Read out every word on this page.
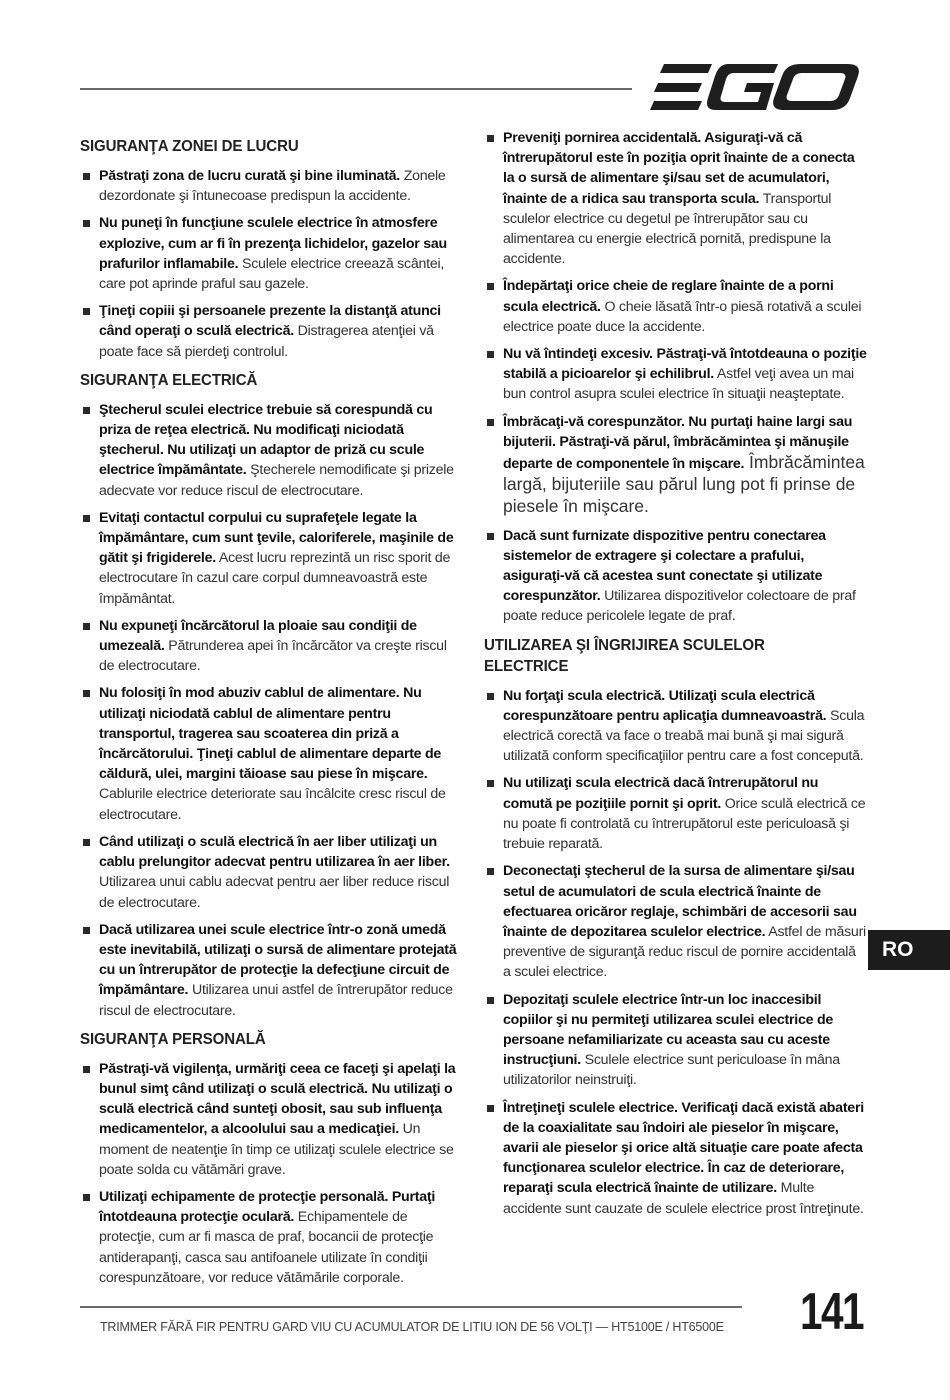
SIGURANŢA ZONEI DE LUCRU
Păstraţi zona de lucru curată şi bine iluminată. Zonele dezordonate şi întunecoase predispun la accidente.
Nu puneţi în funcţiune sculele electrice în atmosfere explozive, cum ar fi în prezenţa lichidelor, gazelor sau prafurilor inflamabile. Sculele electrice creează scântei, care pot aprinde praful sau gazele.
Ţineţi copiii şi persoanele prezente la distanţă atunci când operaţi o sculă electrică. Distragerea atenţiei vă poate face să pierdeţi controlul.
SIGURANŢA ELECTRICĂ
Ştecherul sculei electrice trebuie să corespundă cu priza de reţea electrică. Nu modificaţi niciodată ştecherul. Nu utilizaţi un adaptor de priză cu scule electrice împământate. Ştecherele nemodificate şi prizele adecvate vor reduce riscul de electrocutare.
Evitaţi contactul corpului cu suprafeţele legate la împământare, cum sunt ţevile, caloriferele, maşinile de gătit şi frigiderele. Acest lucru reprezintă un risc sporit de electrocutare în cazul care corpul dumneavoastră este împământat.
Nu expuneţi încărcătorul la ploaie sau condiţii de umezeală. Pătrunderea apei în încărcător va creşte riscul de electrocutare.
Nu folosiţi în mod abuziv cablul de alimentare. Nu utilizaţi niciodată cablul de alimentare pentru transportul, tragerea sau scoaterea din priză a încărcătorului. Ţineţi cablul de alimentare departe de căldură, ulei, margini tăioase sau piese în mişcare. Cablurile electrice deteriorate sau încâlcite cresc riscul de electrocutare.
Când utilizaţi o sculă electrică în aer liber utilizaţi un cablu prelungitor adecvat pentru utilizarea în aer liber. Utilizarea unui cablu adecvat pentru aer liber reduce riscul de electrocutare.
Dacă utilizarea unei scule electrice într-o zonă umedă este inevitabilă, utilizaţi o sursă de alimentare protejată cu un întrerupător de protecţie la defecţiune circuit de împământare. Utilizarea unui astfel de întrerupător reduce riscul de electrocutare.
SIGURANŢA PERSONALĂ
Păstraţi-vă vigilenţa, urmăriţi ceea ce faceţi şi apelaţi la bunul simţ când utilizaţi o sculă electrică. Nu utilizaţi o sculă electrică când sunteţi obosit, sau sub influenţa medicamentelor, a alcoolului sau a medicaţiei. Un moment de neatenţie în timp ce utilizaţi sculele electrice se poate solda cu vătămări grave.
Utilizaţi echipamente de protecţie personală. Purtaţi întotdeauna protecţie oculară. Echipamentele de protecţie, cum ar fi masca de praf, bocancii de protecţie antiderapanţi, casca sau antifoanele utilizate în condiţii corespunzătoare, vor reduce vătămările corporale.
Preveniţi pornirea accidentală. Asiguraţi-vă că întrerupătorul este în poziţia oprit înainte de a conecta la o sursă de alimentare şi/sau set de acumulatori, înainte de a ridica sau transporta scula. Transportul sculelor electrice cu degetul pe întrerupător sau cu alimentarea cu energie electrică pornită, predispune la accidente.
Îndepărtaţi orice cheie de reglare înainte de a porni scula electrică. O cheie lăsată într-o piesă rotativă a sculei electrice poate duce la accidente.
Nu vă întindeţi excesiv. Păstraţi-vă întotdeauna o poziţie stabilă a picioarelor şi echilibrul. Astfel veţi avea un mai bun control asupra sculei electrice în situaţii neaşteptate.
Îmbrăcaţi-vă corespunzător. Nu purtaţi haine largi sau bijuterii. Păstraţi-vă părul, îmbrăcămintea şi mănuşile departe de componentele în mişcare. Îmbrăcămintea largă, bijuteriile sau părul lung pot fi prinse de piesele în mişcare.
Dacă sunt furnizate dispozitive pentru conectarea sistemelor de extragere şi colectare a prafului, asiguraţi-vă că acestea sunt conectate şi utilizate corespunzător. Utilizarea dispozitivelor colectoare de praf poate reduce pericolele legate de praf.
UTILIZAREA ŞI ÎNGRIJIREA SCULELOR ELECTRICE
Nu forţaţi scula electrică. Utilizaţi scula electrică corespunzătoare pentru aplicaţia dumneavoastră. Scula electrică corectă va face o treabă mai bună şi mai sigură utilizată conform specificaţiilor pentru care a fost concepută.
Nu utilizaţi scula electrică dacă întrerupătorul nu comută pe poziţiile pornit şi oprit. Orice sculă electrică ce nu poate fi controlată cu întrerupătorul este periculoasă şi trebuie reparată.
Deconectaţi ştecherul de la sursa de alimentare şi/sau setul de acumulatori de scula electrică înainte de efectuarea oricăror reglaje, schimbări de accesorii sau înainte de depozitarea sculelor electrice. Astfel de măsuri preventive de siguranţă reduc riscul de pornire accidentală a sculei electrice.
Depozitaţi sculele electrice într-un loc inaccesibil copiilor şi nu permiteţi utilizarea sculei electrice de persoane nefamiliarizate cu aceasta sau cu aceste instrucţiuni. Sculele electrice sunt periculoase în mâna utilizatorilor neinstruiţi.
Întreţineţi sculele electrice. Verificaţi dacă există abateri de la coaxialitate sau îndoiri ale pieselor în mişcare, avarii ale pieselor şi orice altă situaţie care poate afecta funcţionarea sculelor electrice. În caz de deteriorare, reparaţi scula electrică înainte de utilizare. Multe accidente sunt cauzate de sculele electrice prost întreţinute.
RO
TRIMMER FĂRĂ FIR PENTRU GARD VIU CU ACUMULATOR DE LITIU ION DE 56 VOLŢI — HT5100E / HT6500E 141
